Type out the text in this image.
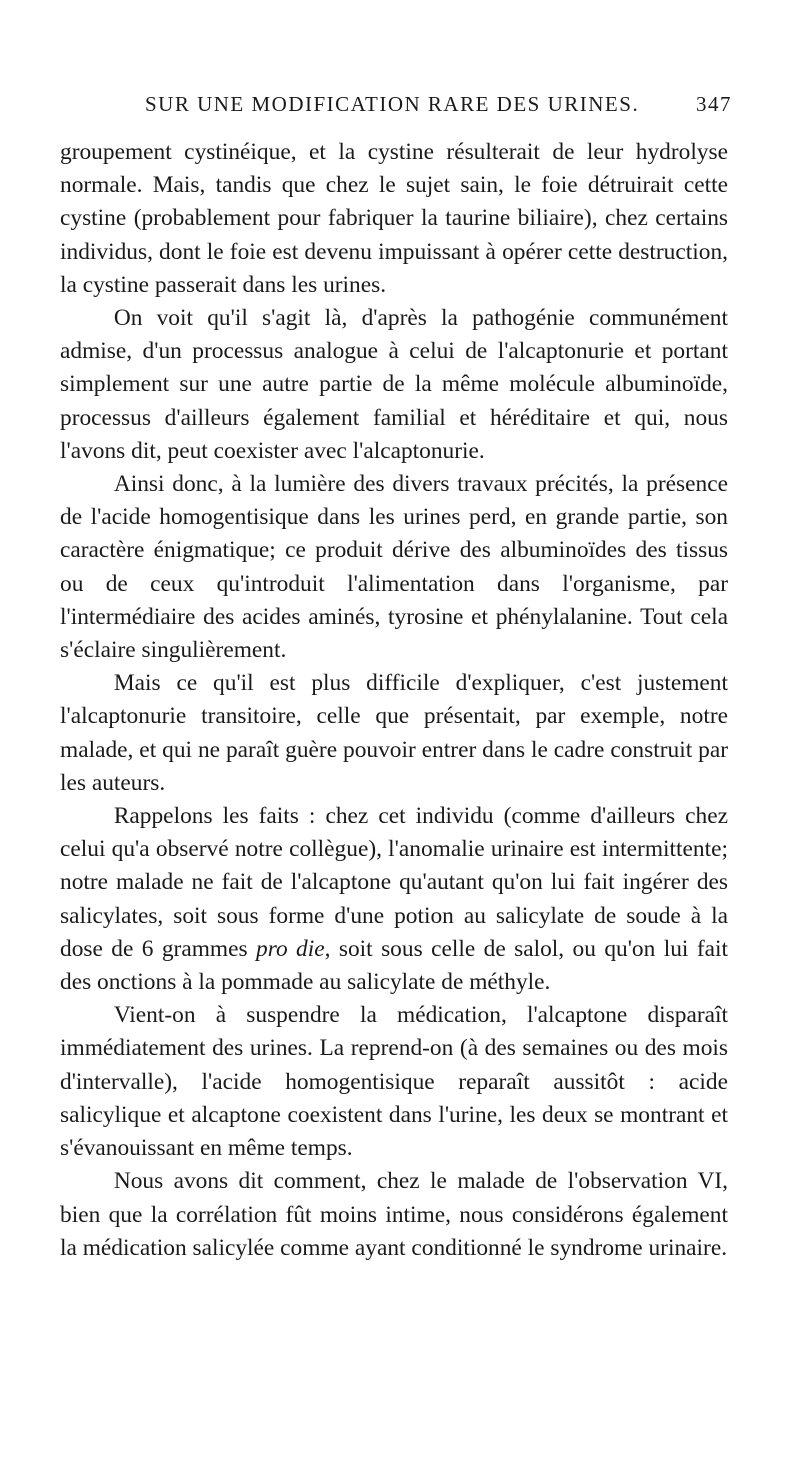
SUR UNE MODIFICATION RARE DES URINES.	347

groupement cystinéique, et la cystine résulterait de leur hydrolyse normale. Mais, tandis que chez le sujet sain, le foie détruirait cette cystine (probablement pour fabriquer la taurine biliaire), chez certains individus, dont le foie est devenu impuissant à opérer cette destruction, la cystine passerait dans les urines.

On voit qu'il s'agit là, d'après la pathogénie communément admise, d'un processus analogue à celui de l'alcaptonurie et portant simplement sur une autre partie de la même molécule albuminoïde, processus d'ailleurs également familial et héréditaire et qui, nous l'avons dit, peut coexister avec l'alcaptonurie.

Ainsi donc, à la lumière des divers travaux précités, la présence de l'acide homogentisique dans les urines perd, en grande partie, son caractère énigmatique; ce produit dérive des albuminoïdes des tissus ou de ceux qu'introduit l'alimentation dans l'organisme, par l'intermédiaire des acides aminés, tyrosine et phénylalanine. Tout cela s'éclaire singulièrement.

Mais ce qu'il est plus difficile d'expliquer, c'est justement l'alcaptonurie transitoire, celle que présentait, par exemple, notre malade, et qui ne paraît guère pouvoir entrer dans le cadre construit par les auteurs.

Rappelons les faits : chez cet individu (comme d'ailleurs chez celui qu'a observé notre collègue), l'anomalie urinaire est intermittente; notre malade ne fait de l'alcaptone qu'autant qu'on lui fait ingérer des salicylates, soit sous forme d'une potion au salicylate de soude à la dose de 6 grammes pro die, soit sous celle de salol, ou qu'on lui fait des onctions à la pommade au salicylate de méthyle.

Vient-on à suspendre la médication, l'alcaptone disparaît immédiatement des urines. La reprend-on (à des semaines ou des mois d'intervalle), l'acide homogentisique reparaît aussitôt : acide salicylique et alcaptone coexistent dans l'urine, les deux se montrant et s'évanouissant en même temps.

Nous avons dit comment, chez le malade de l'observation VI, bien que la corrélation fût moins intime, nous considérons également la médication salicylée comme ayant conditionné le syndrome urinaire.
